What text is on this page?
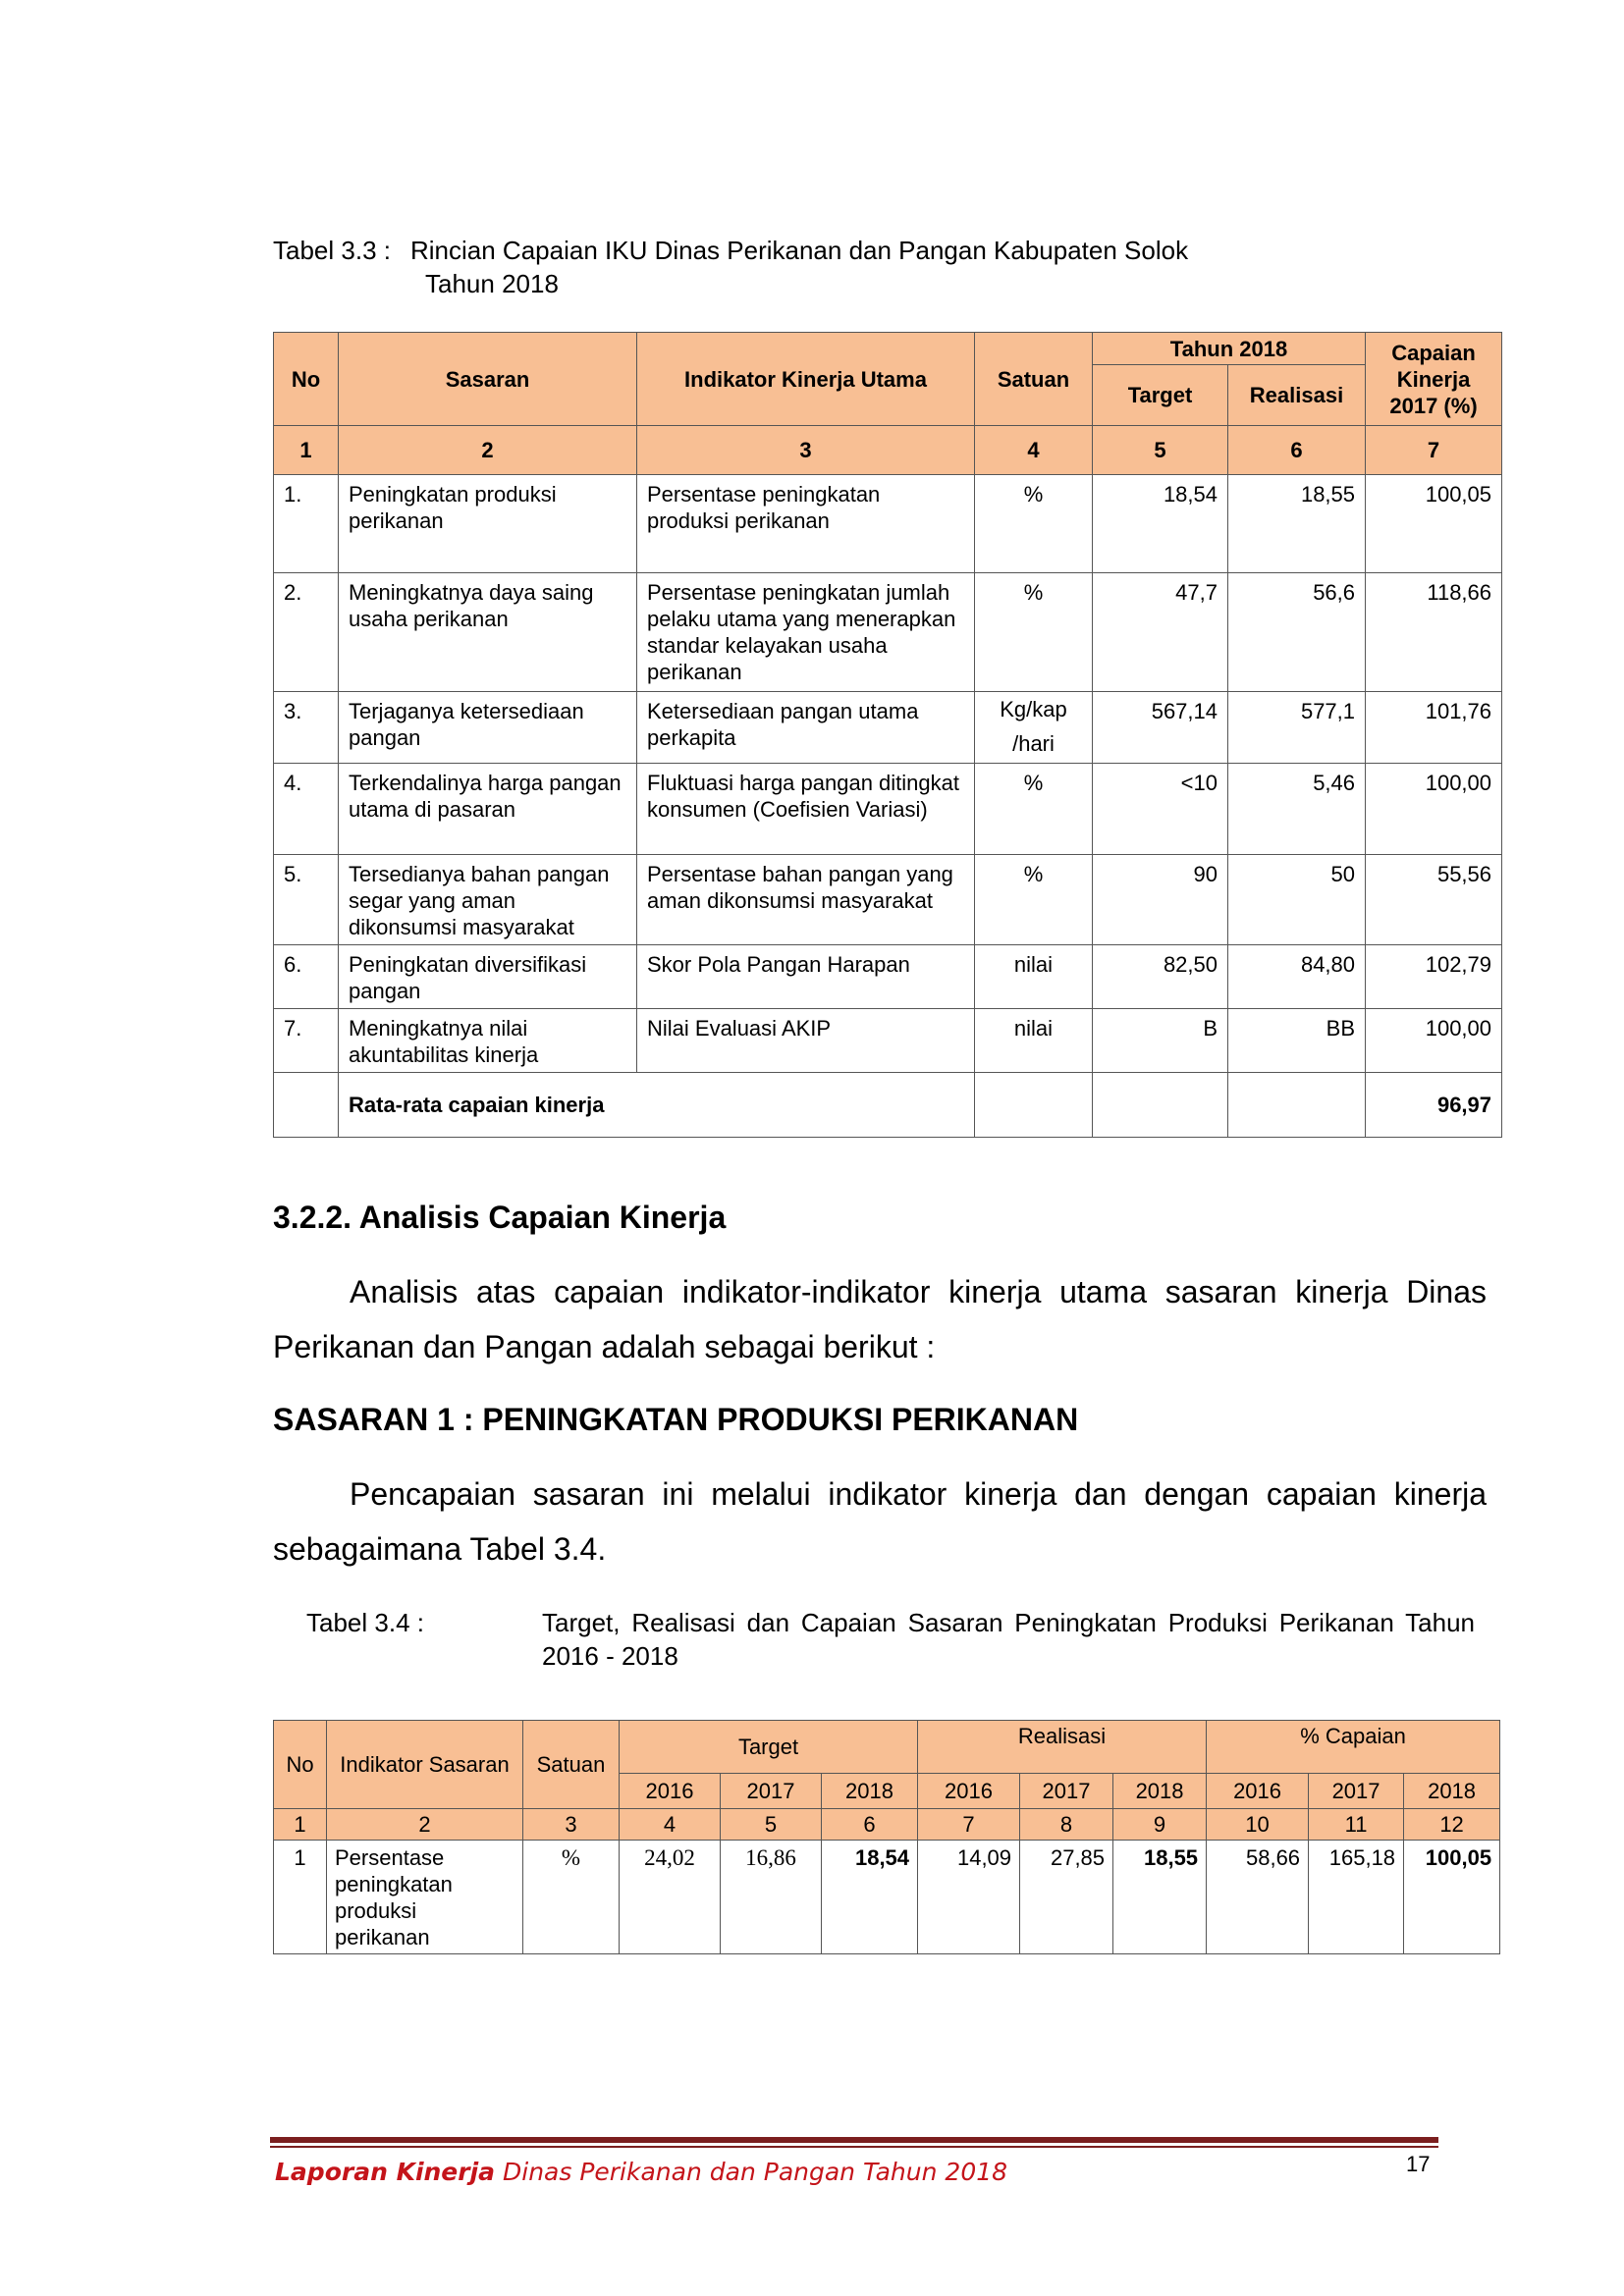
Tabel 3.3 : Rincian Capaian IKU Dinas Perikanan dan Pangan Kabupaten Solok
Tahun 2018
No	Sasaran	Indikator Kinerja Utama	Satuan	Tahun 2018		Capaian
Kinerja
2017 (%)
				Target	Realisasi	
1	2	3	4	5	6	7
1.	Peningkatan produksi perikanan	Persentase peningkatan produksi perikanan	%	18,54	18,55	100,05
2.	Meningkatnya daya saing usaha perikanan	Persentase peningkatan jumlah pelaku utama yang menerapkan standar kelayakan usaha perikanan	%	47,7	56,6	118,66
3.	Terjaganya ketersediaan pangan	Ketersediaan pangan utama perkapita	Kg/kap /hari	567,14	577,1	101,76
4.	Terkendalinya harga pangan utama di pasaran	Fluktuasi harga pangan ditingkat konsumen (Coefisien Variasi)	%	<10	5,46	100,00
5.	Tersedianya bahan pangan segar yang aman dikonsumsi masyarakat	Persentase bahan pangan yang aman dikonsumsi masyarakat	%	90	50	55,56
6.	Peningkatan diversifikasi pangan	Skor Pola Pangan Harapan	nilai	82,50	84,80	102,79
7.	Meningkatnya nilai akuntabilitas kinerja	Nilai Evaluasi AKIP	nilai	B	BB	100,00
	Rata-rata capaian kinerja					96,97
3.2.2. Analisis Capaian Kinerja
Analisis atas capaian indikator-indikator kinerja utama sasaran kinerja Dinas Perikanan dan Pangan adalah sebagai berikut :
SASARAN 1 : PENINGKATAN PRODUKSI PERIKANAN
Pencapaian sasaran ini melalui indikator kinerja dan dengan capaian kinerja sebagaimana Tabel 3.4.
Tabel 3.4 :	Target, Realisasi dan Capaian Sasaran Peningkatan Produksi Perikanan Tahun 2016 - 2018
No	Indikator Sasaran	Satuan	Target			Realisasi			% Capaian		
			2016	2017	2018	2016	2017	2018	2016	2017	2018
1	2	3	4	5	6	7	8	9	10	11	12
1	Persentase peningkatan produksi perikanan	%	24,02	16,86	18,54	14,09	27,85	18,55	58,66	165,18	100,05
Laporan Kinerja Dinas Perikanan dan Pangan Tahun 2018	17
